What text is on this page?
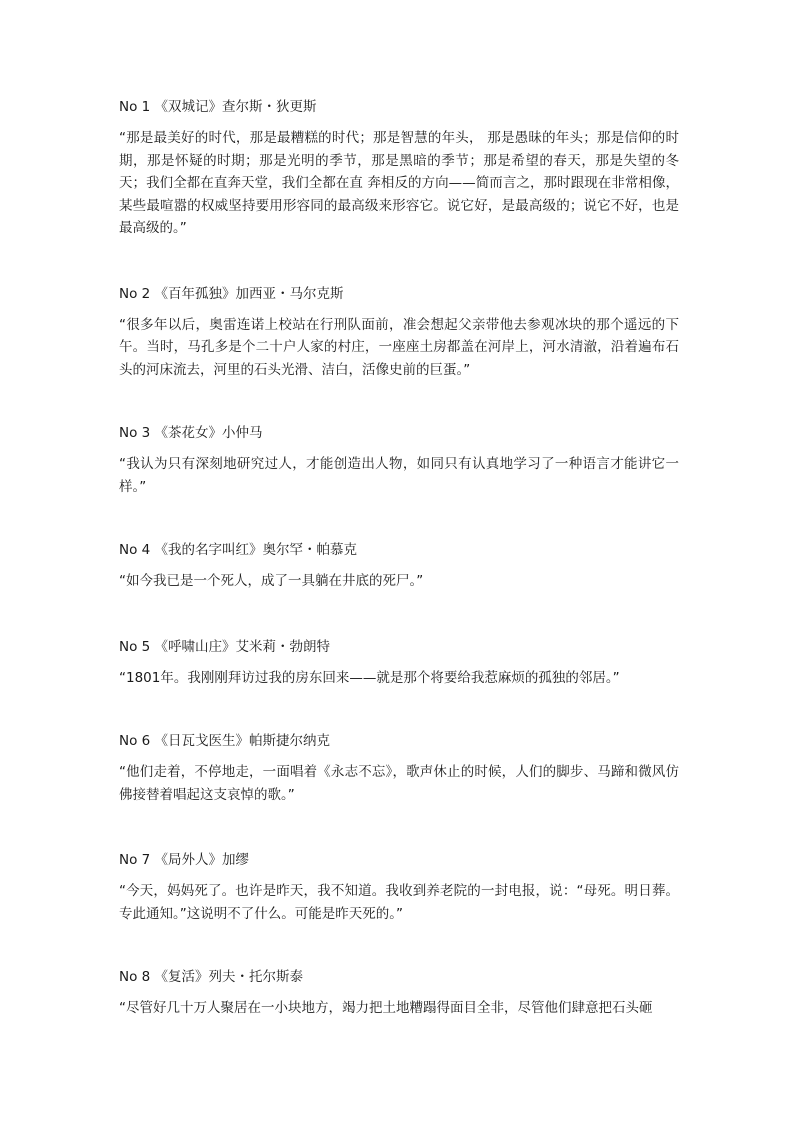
No 1 《双城记》查尔斯・狄更斯

“那是最美好的时代，那是最糟糕的时代；那是智慧的年头， 那是愚昧的年头；那是信仰的时期，那是怀疑的时期；那是光明的季节，那是黑暗的季节；那是希望的春天，那是失望的冬天；我们全都在直奔天堂，我们全都在直 奔相反的方向——简而言之，那时跟现在非常相像，某些最喧嚣的权威坚持要用形容同的最高级来形容它。说它好，是最高级的；说它不好，也是最高级的。”

No 2 《百年孤独》加西亚・马尔克斯

“很多年以后，奥雷连诺上校站在行刑队面前，准会想起父亲带他去参观冰块的那个遥远的下午。当时，马孔多是个二十户人家的村庄，一座座土房都盖在河岸上，河水清澈，沿着遍布石头的河床流去，河里的石头光滑、洁白，活像史前的巨蛋。”

No 3 《茶花女》小仲马

“我认为只有深刻地研究过人，才能创造出人物，如同只有认真地学习了一种语言才能讲它一样。”

No 4 《我的名字叫红》奥尔罕・帕慕克

“如今我已是一个死人，成了一具躺在井底的死尸。”

No 5 《呼啸山庄》艾米莉・勃朗特

“1801年。我刚刚拜访过我的房东回来——就是那个将要给我惹麻烦的孤独的邻居。”

No 6 《日瓦戈医生》帕斯捷尔纳克

“他们走着，不停地走，一面唱着《永志不忘》，歌声休止的时候，人们的脚步、马蹄和微风仿佛接替着唱起这支哀悼的歌。”

No 7 《局外人》加缪

“今天，妈妈死了。也许是昨天，我不知道。我收到养老院的一封电报，说：“母死。明日葬。专此通知。”这说明不了什么。可能是昨天死的。”

No 8 《复活》列夫・托尔斯泰

“尽管好几十万人聚居在一小块地方，竭力把土地糟蹋得面目全非，尽管他们肆意把石头砸
